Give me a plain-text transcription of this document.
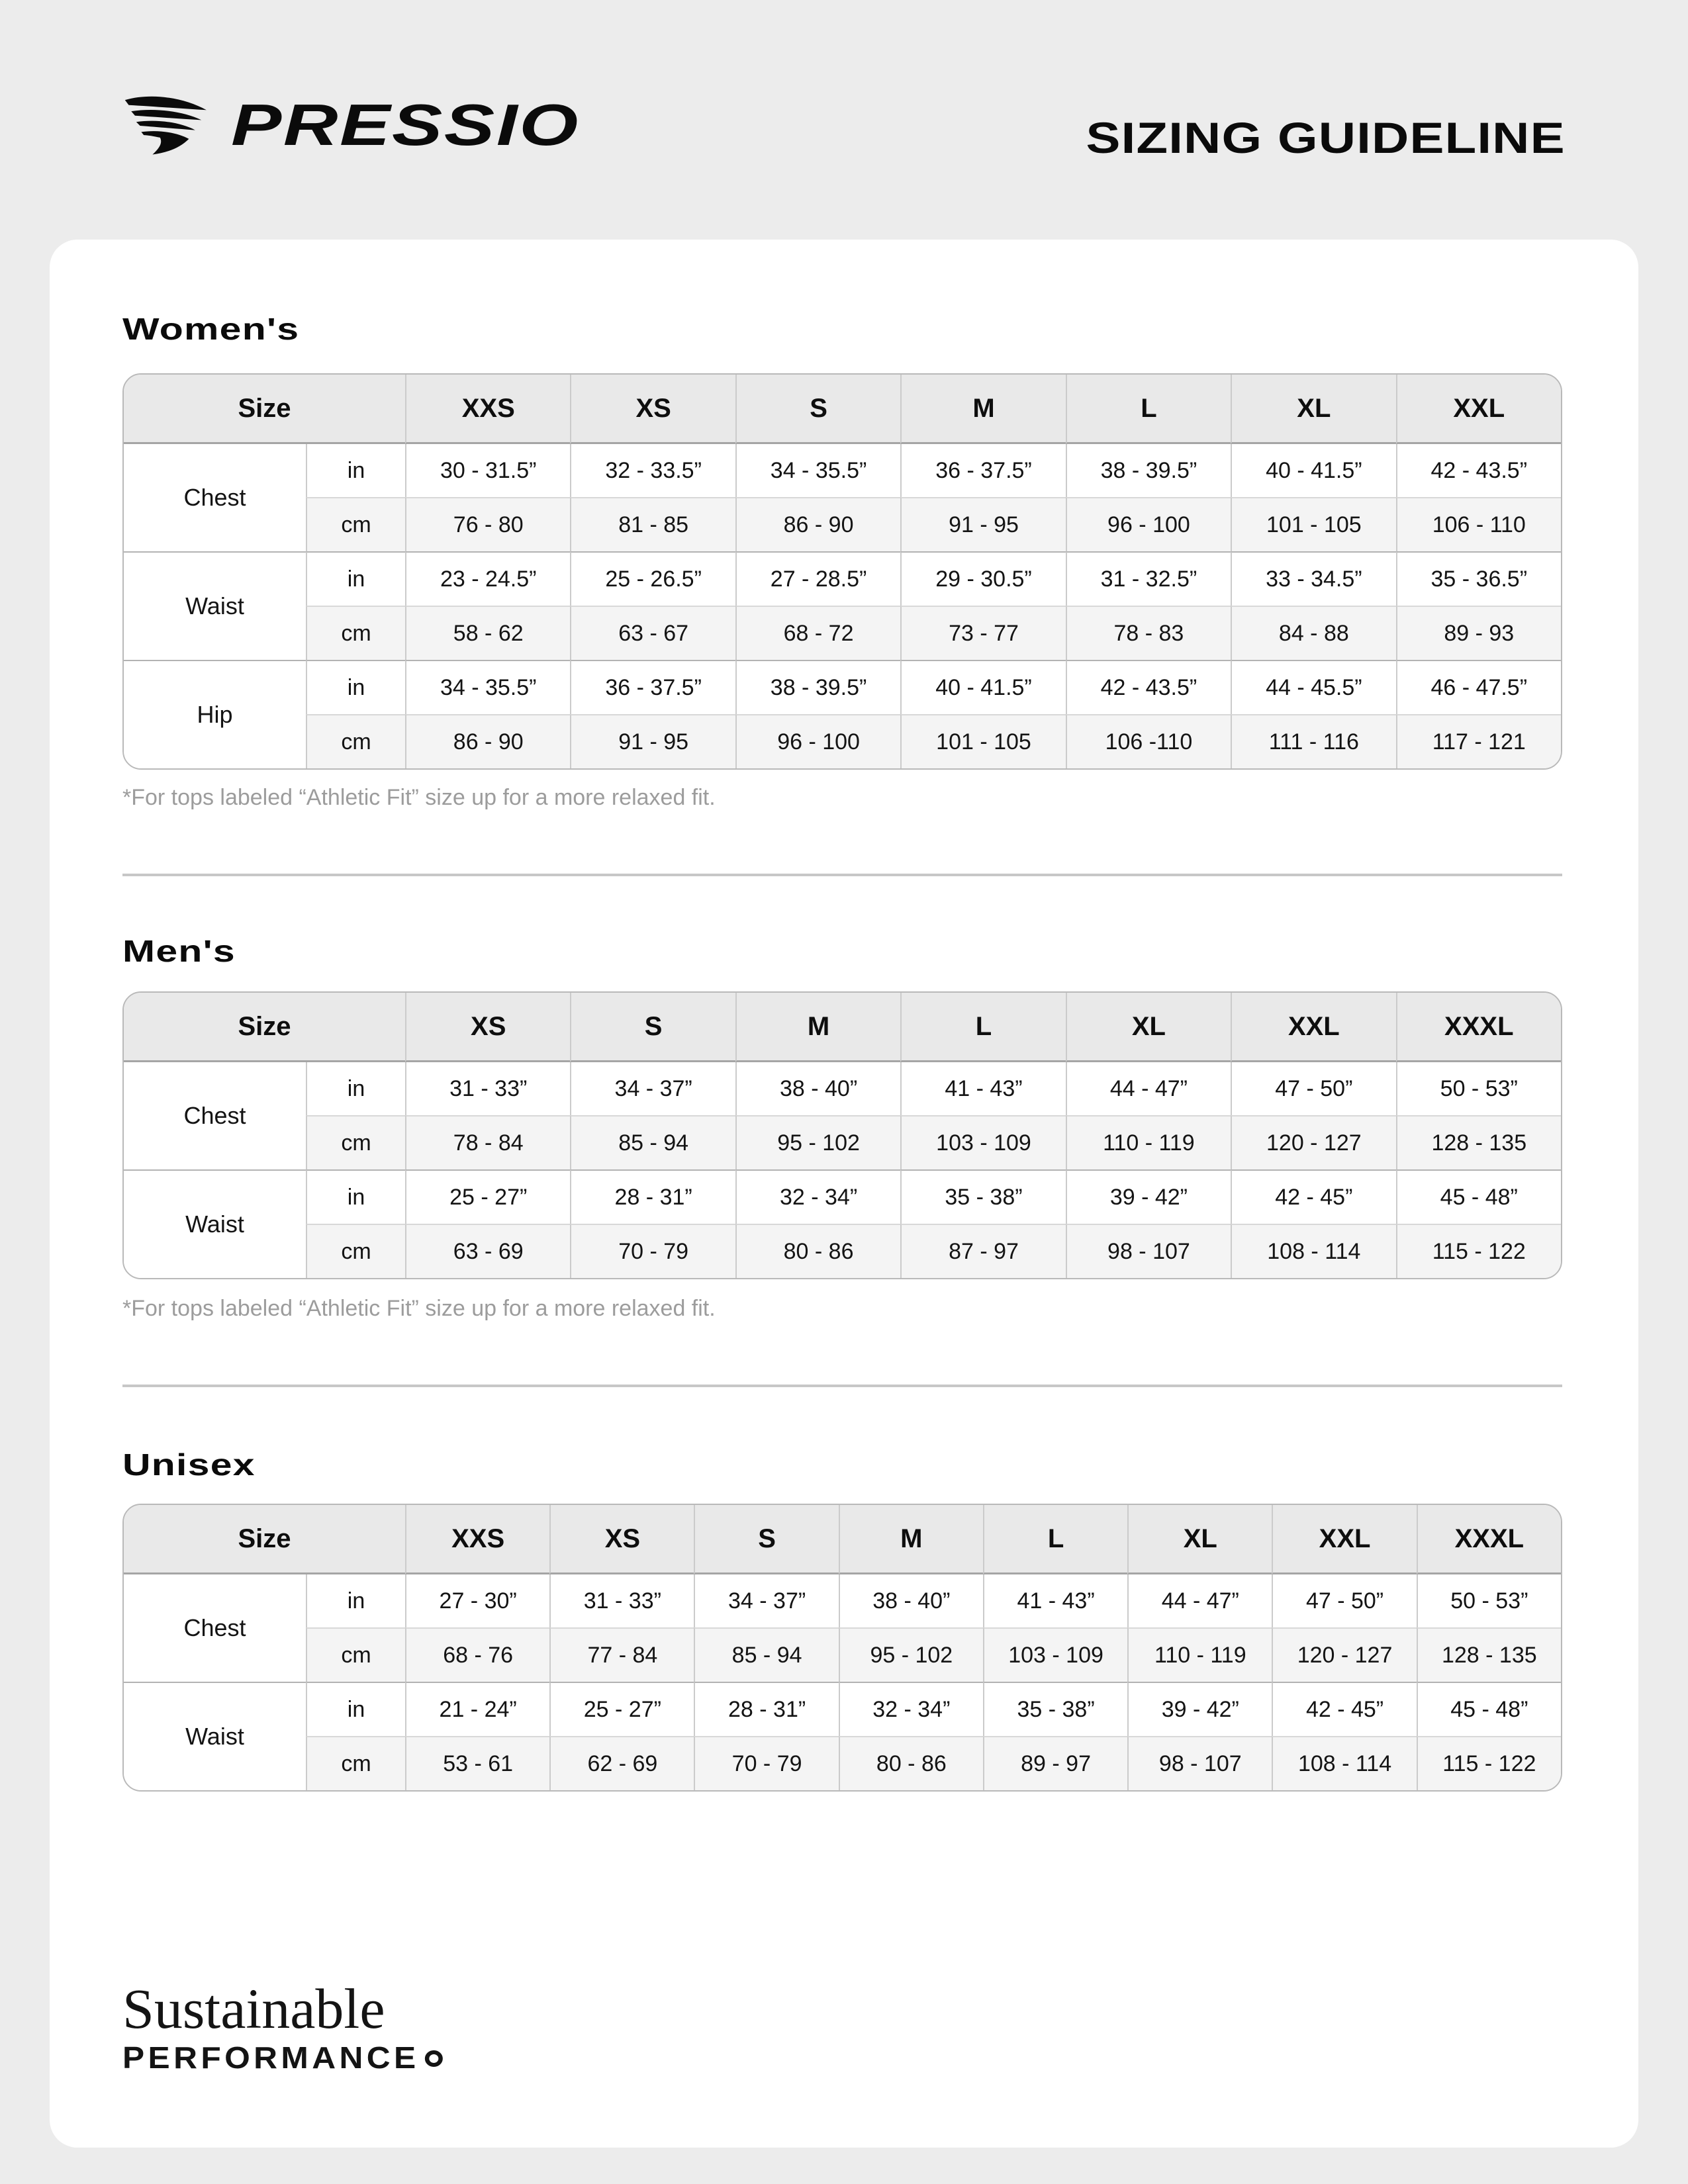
PRESSIO	SIZING GUIDELINE
Women's
Size		XXS	XS	S	M	L	XL	XXL
Chest	in	30 - 31.5”	32 - 33.5”	34 - 35.5”	36 - 37.5”	38 - 39.5”	40 - 41.5”	42 - 43.5”
	cm	76 - 80	81 - 85	86 - 90	91 - 95	96 - 100	101 - 105	106 - 110
Waist	in	23 - 24.5”	25 - 26.5”	27 - 28.5”	29 - 30.5”	31 - 32.5”	33 - 34.5”	35 - 36.5”
	cm	58 - 62	63 - 67	68 - 72	73 - 77	78 - 83	84 - 88	89 - 93
Hip	in	34 - 35.5”	36 - 37.5”	38 - 39.5”	40 - 41.5”	42 - 43.5”	44 - 45.5”	46 - 47.5”
	cm	86 - 90	91 - 95	96 - 100	101 - 105	106 -110	111 - 116	117 - 121
*For tops labeled “Athletic Fit” size up for a more relaxed fit.
Men's
Size		XS	S	M	L	XL	XXL	XXXL
Chest	in	31 - 33”	34 - 37”	38 - 40”	41 - 43”	44 - 47”	47 - 50”	50 - 53”
	cm	78 - 84	85 - 94	95 - 102	103 - 109	110 - 119	120 - 127	128 - 135
Waist	in	25 - 27”	28 - 31”	32 - 34”	35 - 38”	39 - 42”	42 - 45”	45 - 48”
	cm	63 - 69	70 - 79	80 - 86	87 - 97	98 - 107	108 - 114	115 - 122
*For tops labeled “Athletic Fit” size up for a more relaxed fit.
Unisex
Size		XXS	XS	S	M	L	XL	XXL	XXXL
Chest	in	27 - 30”	31 - 33”	34 - 37”	38 - 40”	41 - 43”	44 - 47”	47 - 50”	50 - 53”
	cm	68 - 76	77 - 84	85 - 94	95 - 102	103 - 109	110 - 119	120 - 127	128 - 135
Waist	in	21 - 24”	25 - 27”	28 - 31”	32 - 34”	35 - 38”	39 - 42”	42 - 45”	45 - 48”
	cm	53 - 61	62 - 69	70 - 79	80 - 86	89 - 97	98 - 107	108 - 114	115 - 122
Sustainable
PERFORMANCE
